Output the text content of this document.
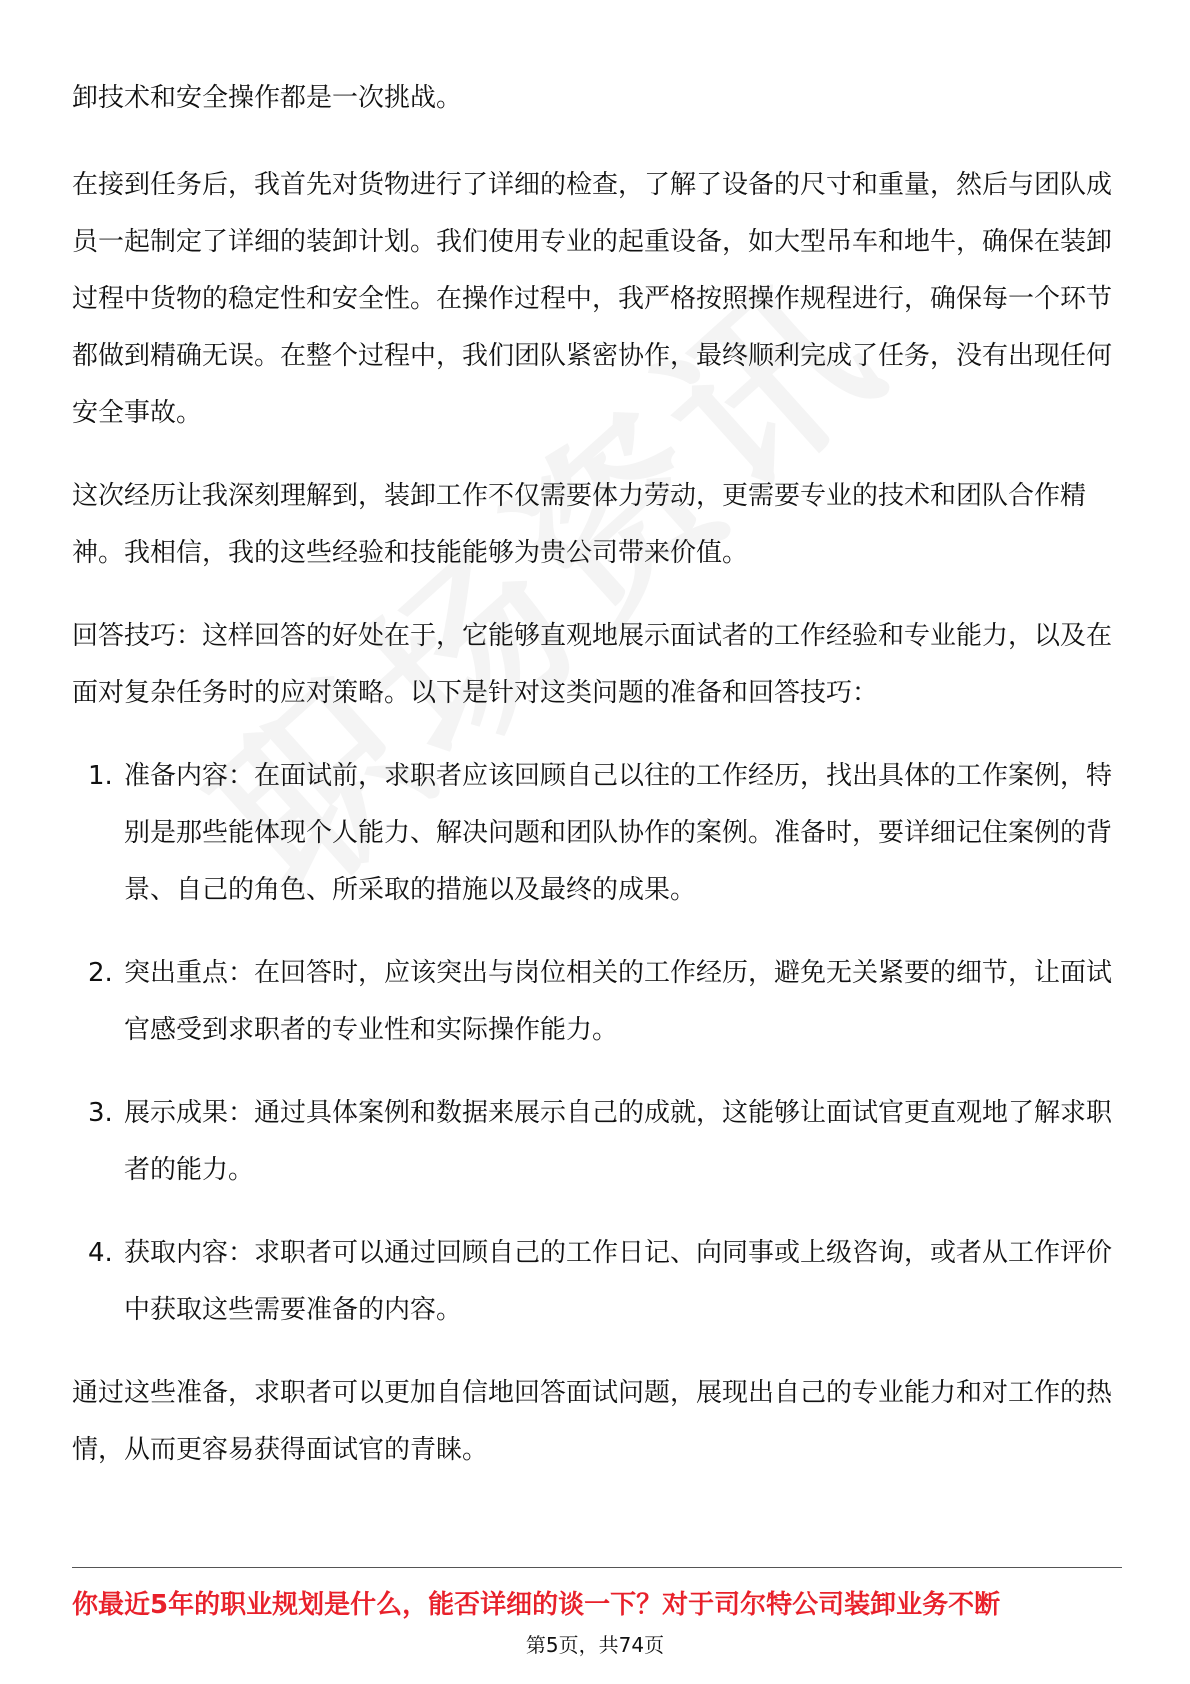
卸技术和安全操作都是一次挑战。

在接到任务后，我首先对货物进行了详细的检查，了解了设备的尺寸和重量，然后与团队成员一起制定了详细的装卸计划。我们使用专业的起重设备，如大型吊车和地牛，确保在装卸过程中货物的稳定性和安全性。在操作过程中，我严格按照操作规程进行，确保每一个环节都做到精确无误。在整个过程中，我们团队紧密协作，最终顺利完成了任务，没有出现任何安全事故。

这次经历让我深刻理解到，装卸工作不仅需要体力劳动，更需要专业的技术和团队合作精神。我相信，我的这些经验和技能能够为贵公司带来价值。

回答技巧：这样回答的好处在于，它能够直观地展示面试者的工作经验和专业能力，以及在面对复杂任务时的应对策略。以下是针对这类问题的准备和回答技巧：

1. 准备内容：在面试前，求职者应该回顾自己以往的工作经历，找出具体的工作案例，特别是那些能体现个人能力、解决问题和团队协作的案例。准备时，要详细记住案例的背景、自己的角色、所采取的措施以及最终的成果。
2. 突出重点：在回答时，应该突出与岗位相关的工作经历，避免无关紧要的细节，让面试官感受到求职者的专业性和实际操作能力。
3. 展示成果：通过具体案例和数据来展示自己的成就，这能够让面试官更直观地了解求职者的能力。
4. 获取内容：求职者可以通过回顾自己的工作日记、向同事或上级咨询，或者从工作评价中获取这些需要准备的内容。

通过这些准备，求职者可以更加自信地回答面试问题，展现出自己的专业能力和对工作的热情，从而更容易获得面试官的青睐。

你最近5年的职业规划是什么，能否详细的谈一下？对于司尔特公司装卸业务不断
第5页，共74页
